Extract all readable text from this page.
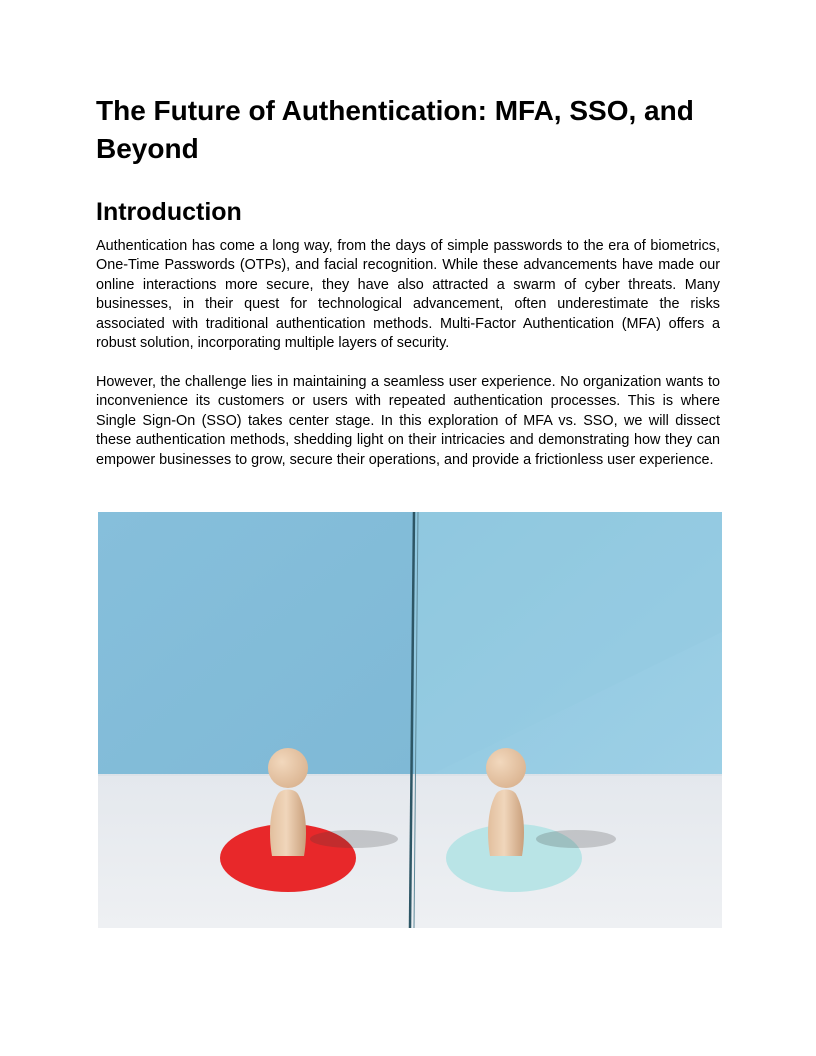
The Future of Authentication: MFA, SSO, and Beyond
Introduction

Authentication has come a long way, from the days of simple passwords to the era of biometrics, One-Time Passwords (OTPs), and facial recognition. While these advancements have made our online interactions more secure, they have also attracted a swarm of cyber threats. Many businesses, in their quest for technological advancement, often underestimate the risks associated with traditional authentication methods. Multi-Factor Authentication (MFA) offers a robust solution, incorporating multiple layers of security.

However, the challenge lies in maintaining a seamless user experience. No organization wants to inconvenience its customers or users with repeated authentication processes. This is where Single Sign-On (SSO) takes center stage. In this exploration of MFA vs. SSO, we will dissect these authentication methods, shedding light on their intricacies and demonstrating how they can empower businesses to grow, secure their operations, and provide a frictionless user experience.
